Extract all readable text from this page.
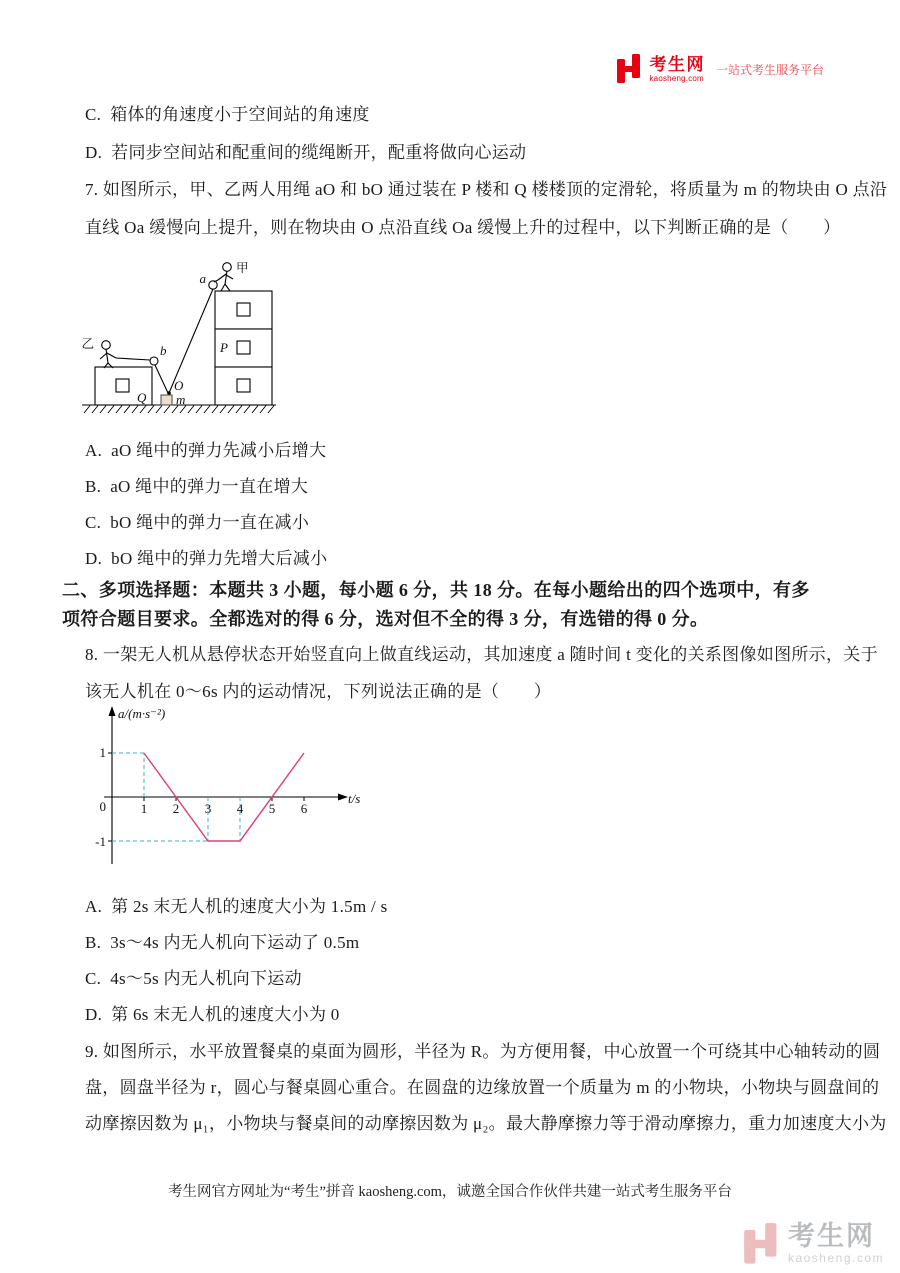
考生网
kaosheng.com
一站式考生服务平台
C. 箱体的角速度小于空间站的角速度
D. 若同步空间站和配重间的缆绳断开，配重将做向心运动
7. 如图所示，甲、乙两人用绳 aO 和 bO 通过装在 P 楼和 Q 楼楼顶的定滑轮，将质量为 m 的物块由 O 点沿
直线 Oa 缓慢向上提升，则在物块由 O 点沿直线 Oa 缓慢上升的过程中，以下判断正确的是（　　）
P
Q
甲
乙
a
b
O
m
A. aO 绳中的弹力先减小后增大
B. aO 绳中的弹力一直在增大
C. bO 绳中的弹力一直在减小
D. bO 绳中的弹力先增大后减小
二、多项选择题：本题共 3 小题，每小题 6 分，共 18 分。在每小题给出的四个选项中，有多
项符合题目要求。全都选对的得 6 分，选对但不全的得 3 分，有选错的得 0 分。
8. 一架无人机从悬停状态开始竖直向上做直线运动，其加速度 a 随时间 t 变化的关系图像如图所示，关于
该无人机在 0～6s 内的运动情况，下列说法正确的是（　　）
a/(m·s⁻²)
t/s
0
1
-1
1 2 3 4 5 6
A. 第 2s 末无人机的速度大小为 1.5m / s
B. 3s～4s 内无人机向下运动了 0.5m
C. 4s～5s 内无人机向下运动
D. 第 6s 末无人机的速度大小为 0
9. 如图所示，水平放置餐桌的桌面为圆形，半径为 R。为方便用餐，中心放置一个可绕其中心轴转动的圆
盘，圆盘半径为 r，圆心与餐桌圆心重合。在圆盘的边缘放置一个质量为 m 的小物块，小物块与圆盘间的
动摩擦因数为 μ₁，小物块与餐桌间的动摩擦因数为 μ₂。最大静摩擦力等于滑动摩擦力，重力加速度大小为
考生网官方网址为“考生”拼音 kaosheng.com，诚邀全国合作伙伴共建一站式考生服务平台
考生网
kaosheng.com
